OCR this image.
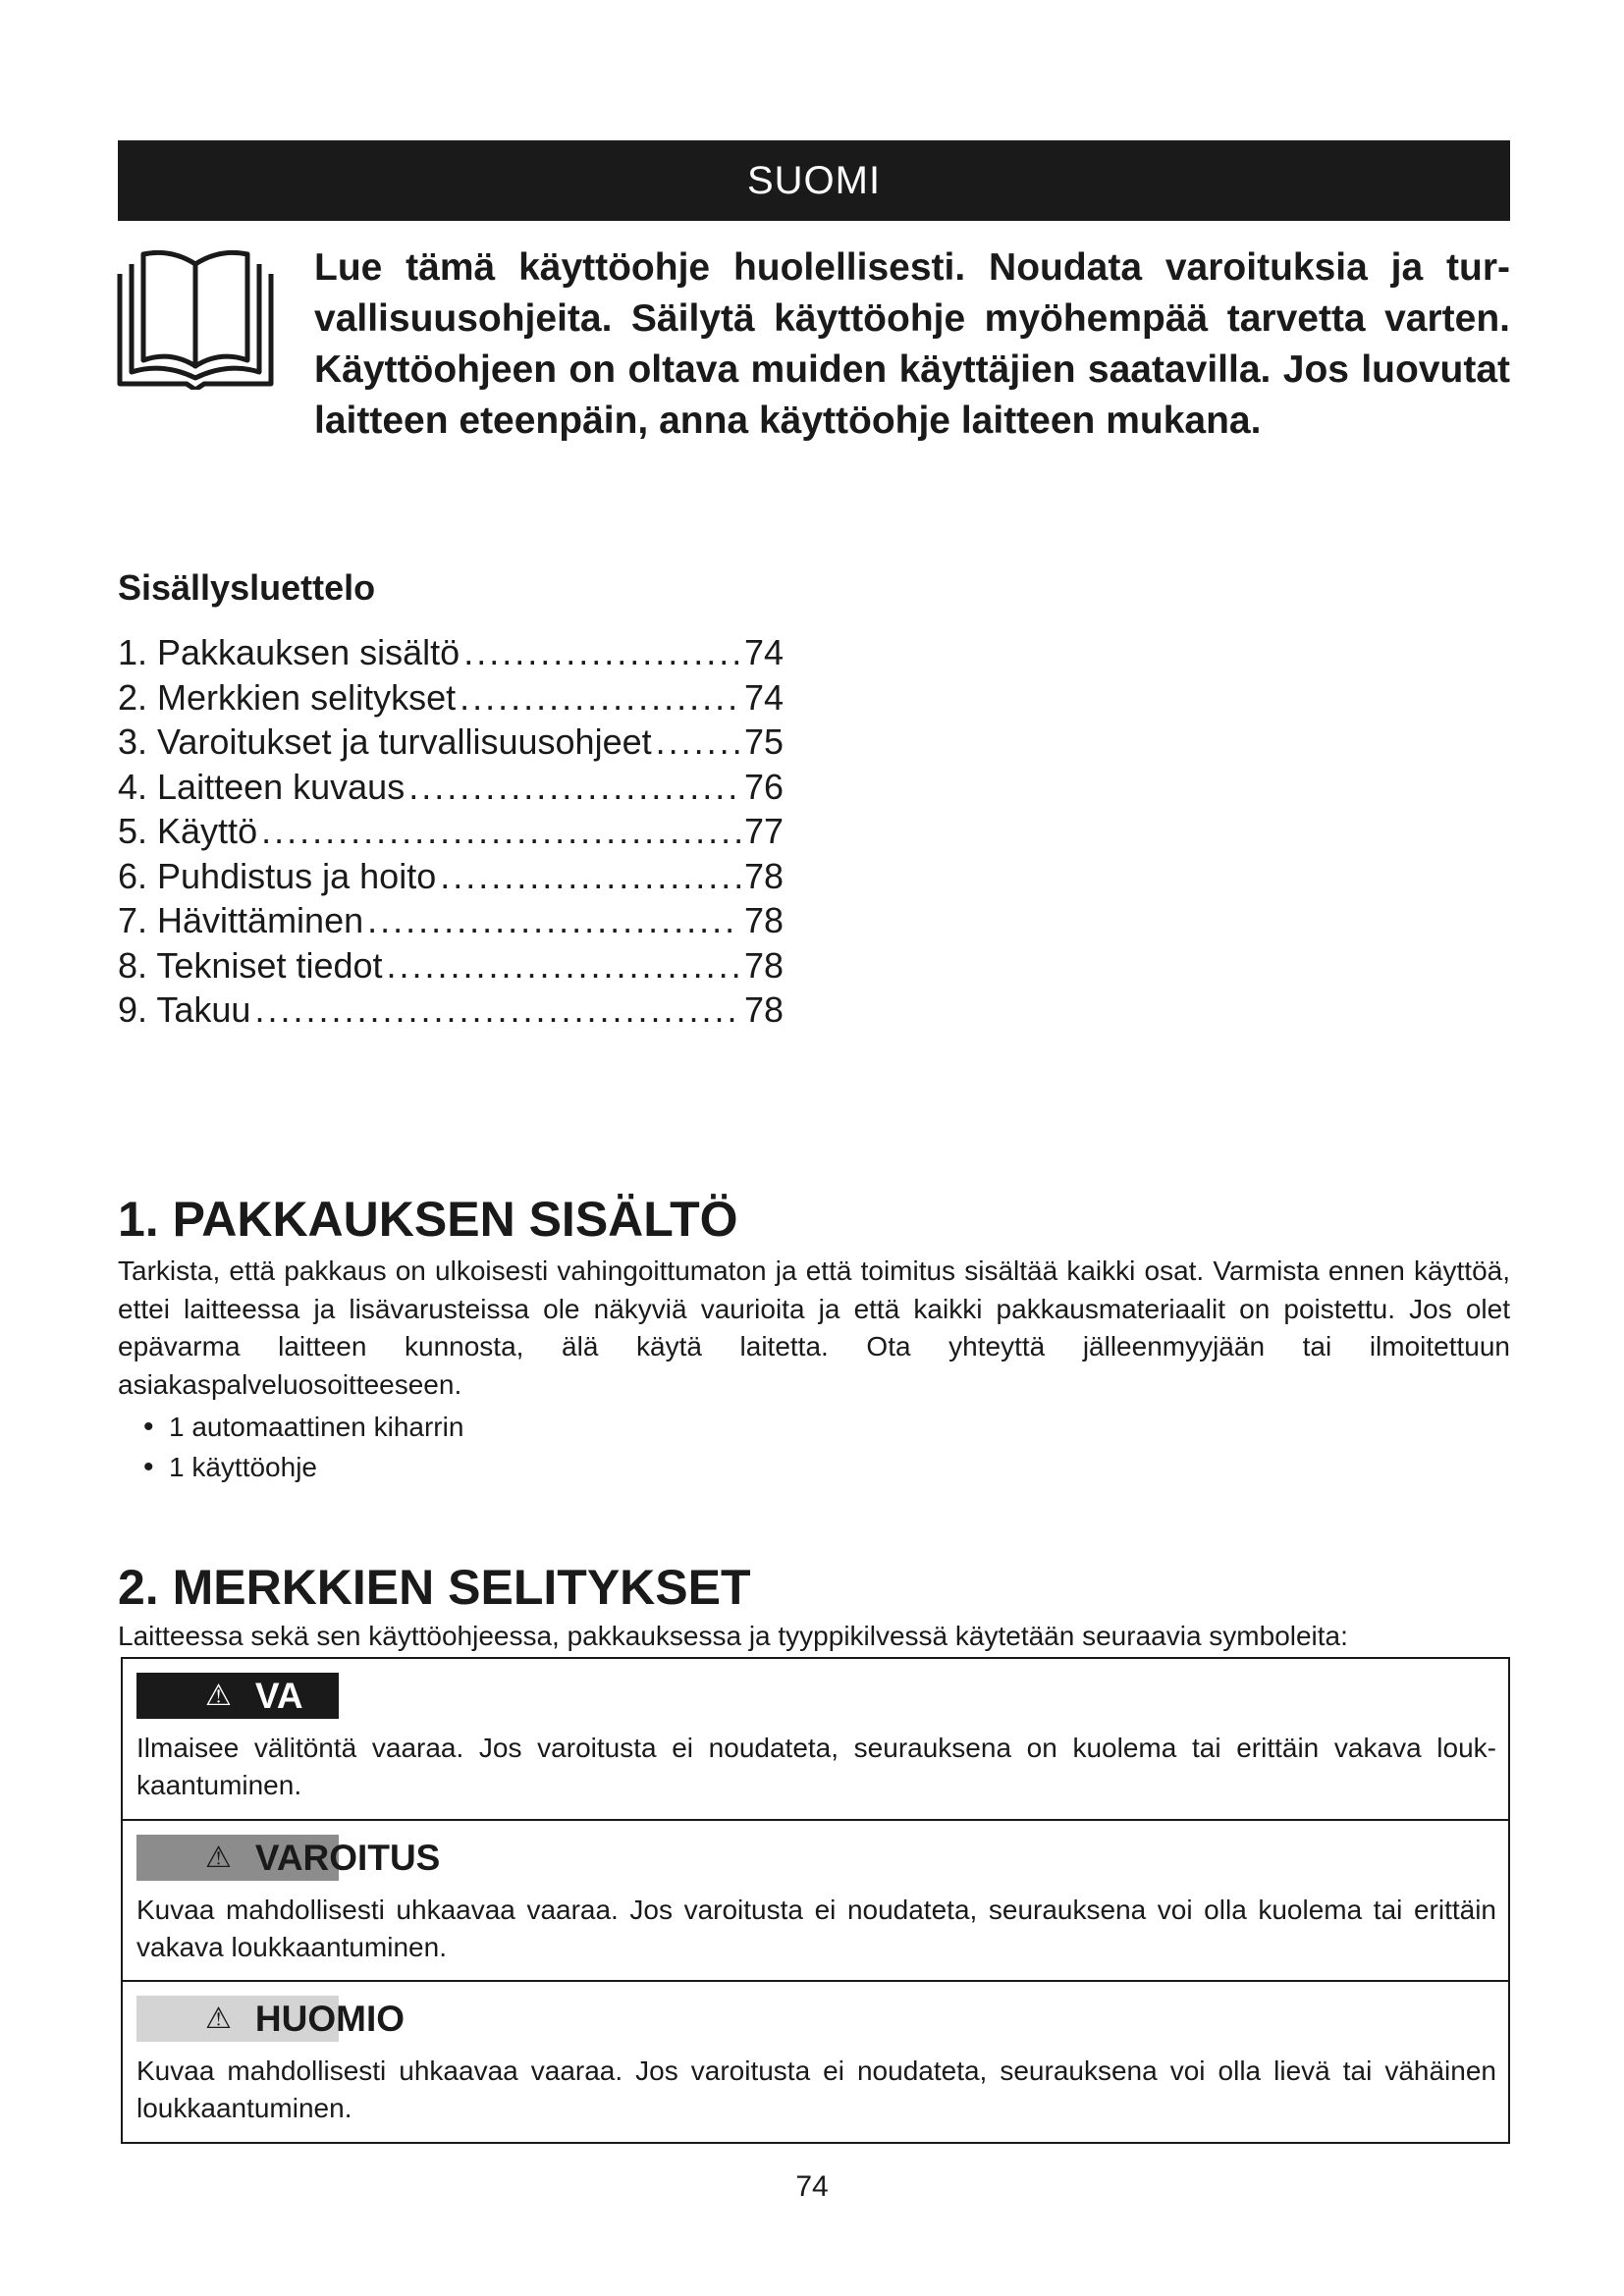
SUOMI

Lue tämä käyttöohje huolellisesti. Noudata varoituksia ja turvallisuusohjeita. Säilytä käyttöohje myöhempää tarvetta varten. Käyttöohjeen on oltava muiden käyttäjien saatavilla. Jos luovutat laitteen eteenpäin, anna käyttöohje laitteen mukana.

Sisällysluettelo
1. Pakkauksen sisältö .....	74
2. Merkkien selitykset .....	74
3. Varoitukset ja turvallisuusohjeet .....	75
4. Laitteen kuvaus .....	76
5. Käyttö .....	77
6. Puhdistus ja hoito .....	78
7. Hävittäminen .....	78
8. Tekniset tiedot .....	78
9. Takuu .....	78
1. PAKKAUKSEN SISÄLTÖ

Tarkista, että pakkaus on ulkoisesti vahingoittumaton ja että toimitus sisältää kaikki osat. Varmista ennen käyttöä, ettei laitteessa ja lisävarusteissa ole näkyviä vaurioita ja että kaikki pakkausmateriaalit on poistettu. Jos olet epävarma laitteen kunnosta, älä käytä laitetta. Ota yhteyttä jälleenmyyjään tai ilmoitettuun asiakaspalveluosoitteeseen.

• 1 automaattinen kiharrin
• 1 käyttöohje
2. MERKKIEN SELITYKSET

Laitteessa sekä sen käyttöohjeessa, pakkauksessa ja tyyppikilvessä käytetään seuraavia symboleita:

⚠ VA

Ilmaisee välitöntä vaaraa. Jos varoitusta ei noudateta, seurauksena on kuolema tai erittäin vakava loukkaantuminen.

⚠ VAROITUS

Kuvaa mahdollisesti uhkaavaa vaaraa. Jos varoitusta ei noudateta, seurauksena voi olla kuolema tai erittäin vakava loukkaantuminen.

⚠ HUOMIO

Kuvaa mahdollisesti uhkaavaa vaaraa. Jos varoitusta ei noudateta, seurauksena voi olla lievä tai vähäinen loukkaantuminen.

74
